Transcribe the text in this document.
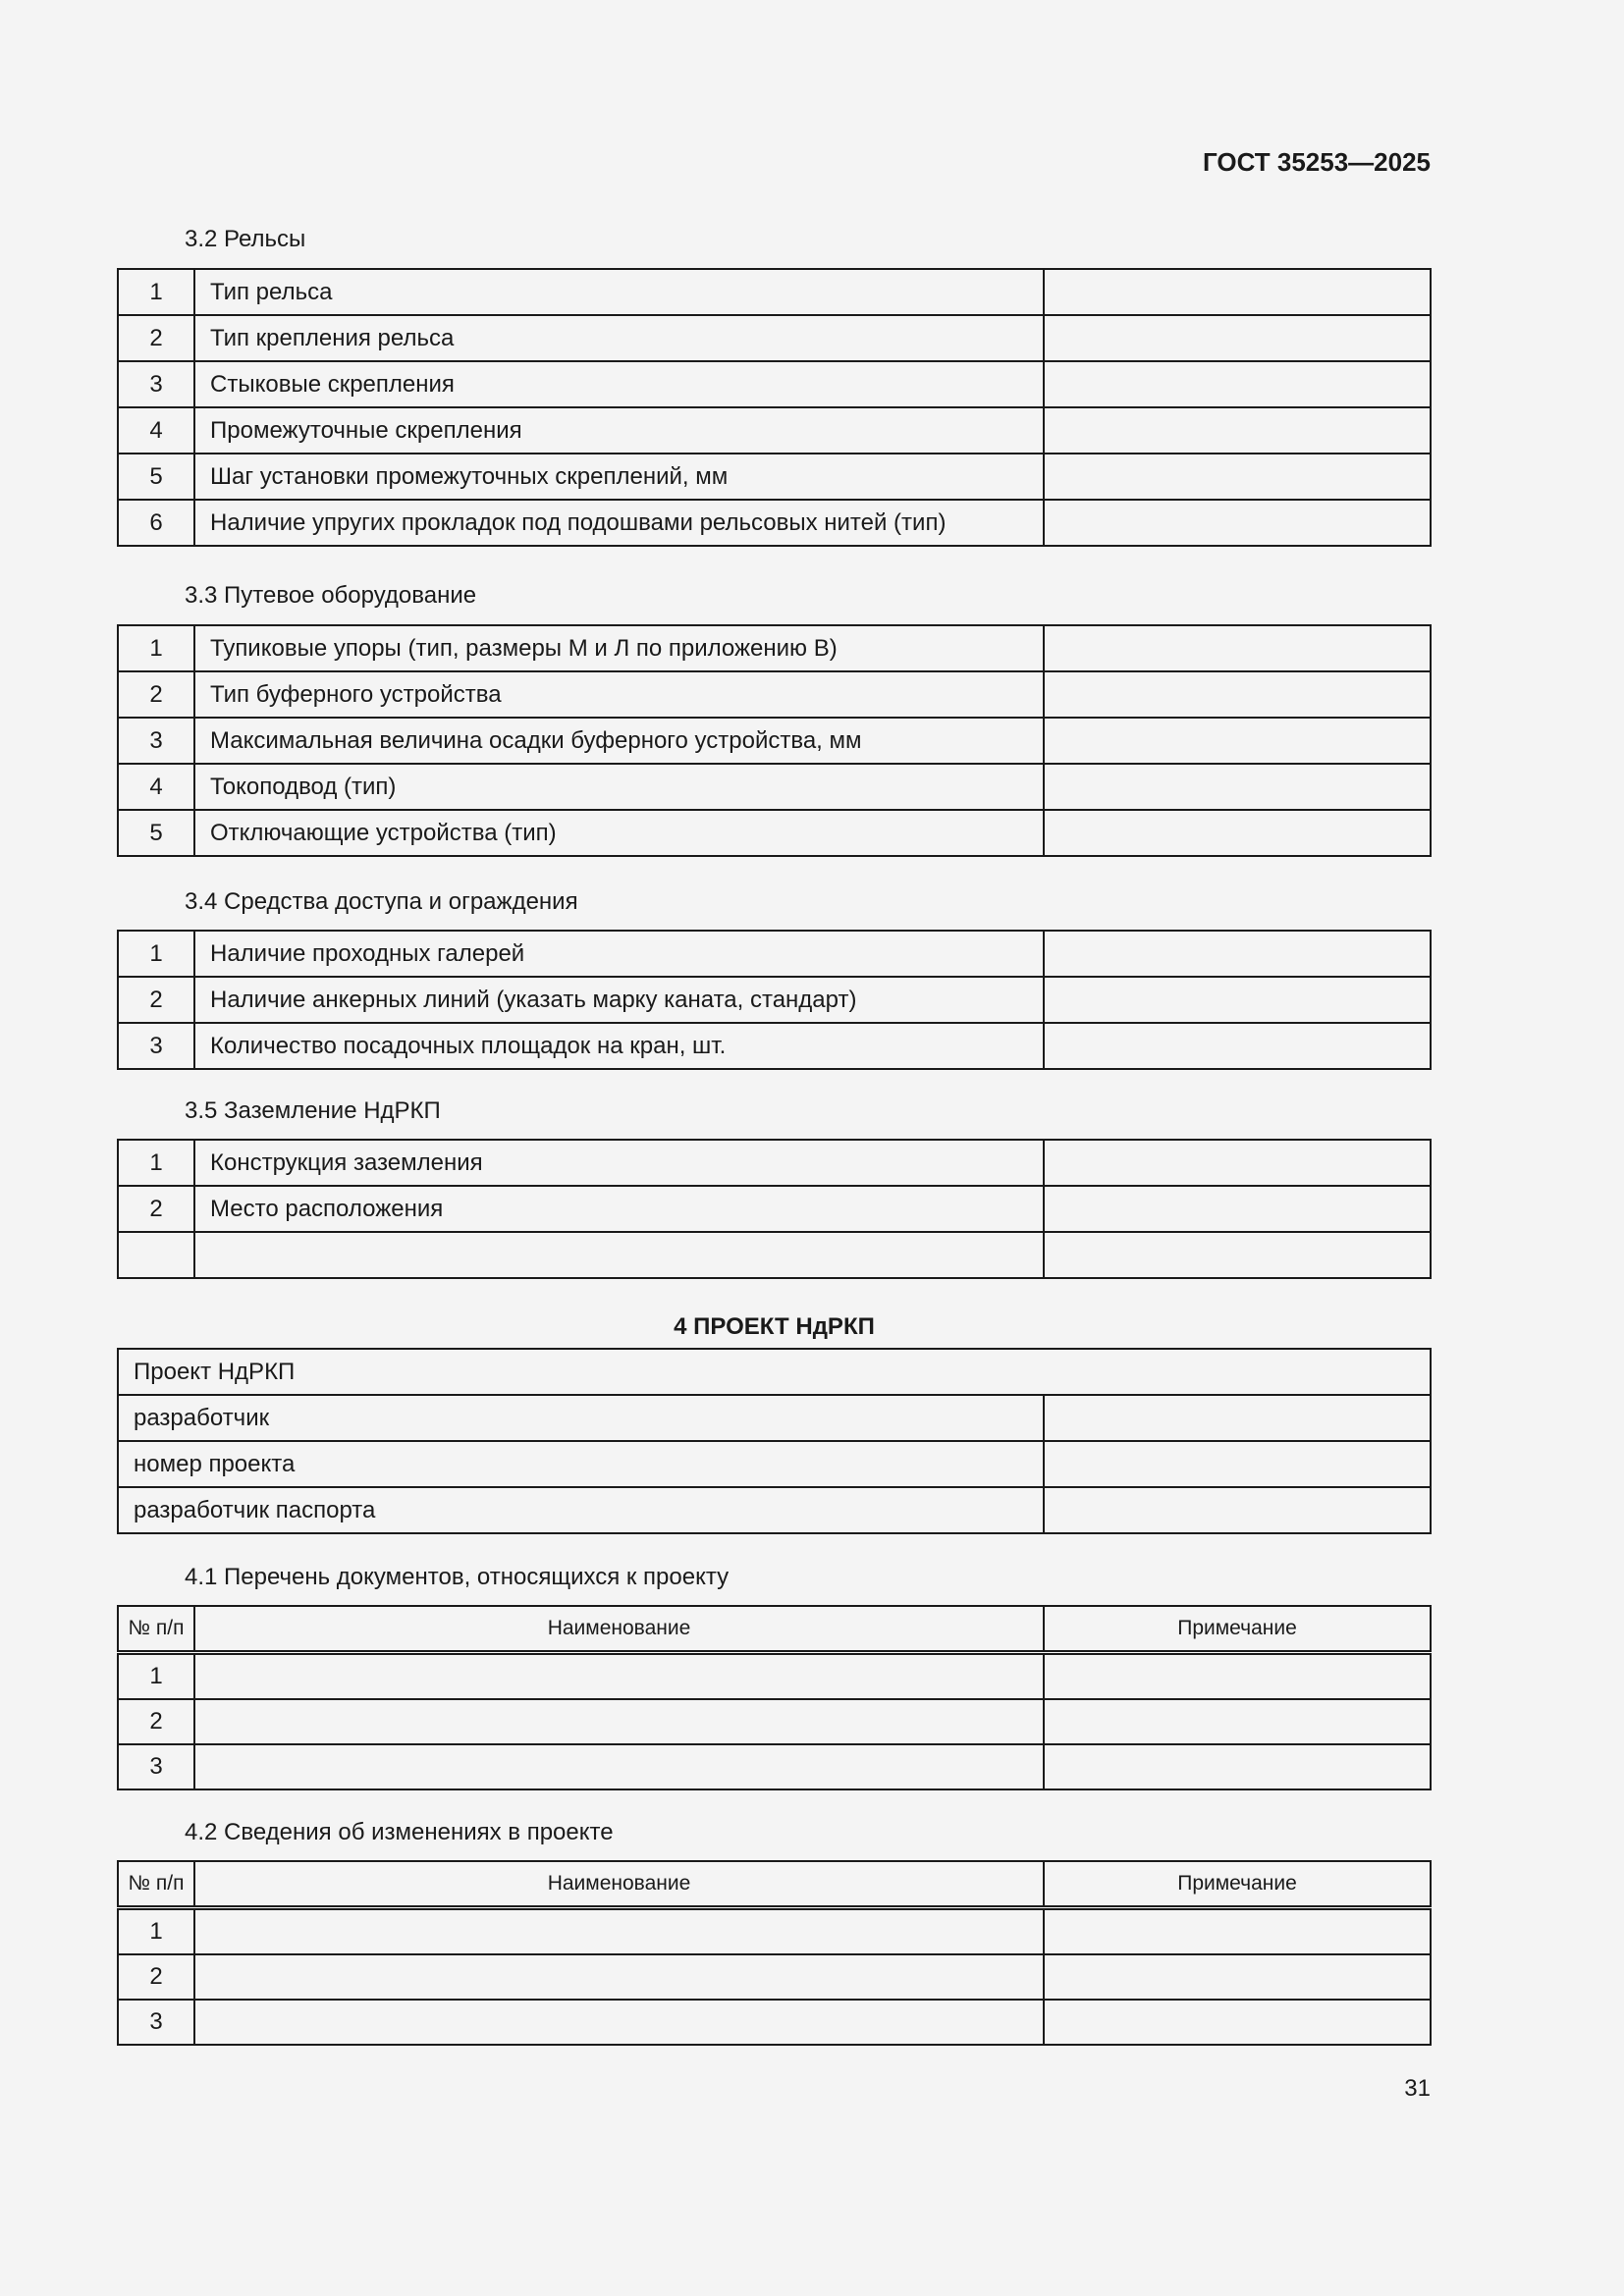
ГОСТ 35253—2025
3.2 Рельсы
1	Тип рельса	
2	Тип крепления рельса	
3	Стыковые скрепления	
4	Промежуточные скрепления	
5	Шаг установки промежуточных скреплений, мм	
6	Наличие упругих прокладок под подошвами рельсовых нитей (тип)	
3.3 Путевое оборудование
1	Тупиковые упоры (тип, размеры М и Л по приложению В)	
2	Тип буферного устройства	
3	Максимальная величина осадки буферного устройства, мм	
4	Токоподвод (тип)	
5	Отключающие устройства (тип)	
3.4 Средства доступа и ограждения
1	Наличие проходных галерей	
2	Наличие анкерных линий (указать марку каната, стандарт)	
3	Количество посадочных площадок на кран, шт.	
3.5 Заземление НдРКП
1	Конструкция заземления	
2	Место расположения	

4 ПРОЕКТ НдРКП
Проект НдРКП	
разработчик	
номер проекта	
разработчик паспорта	
4.1 Перечень документов, относящихся к проекту
№ п/п	Наименование	Примечание
1		
2		
3		
4.2 Сведения об изменениях в проекте
№ п/п	Наименование	Примечание
1		
2		
3		
31
